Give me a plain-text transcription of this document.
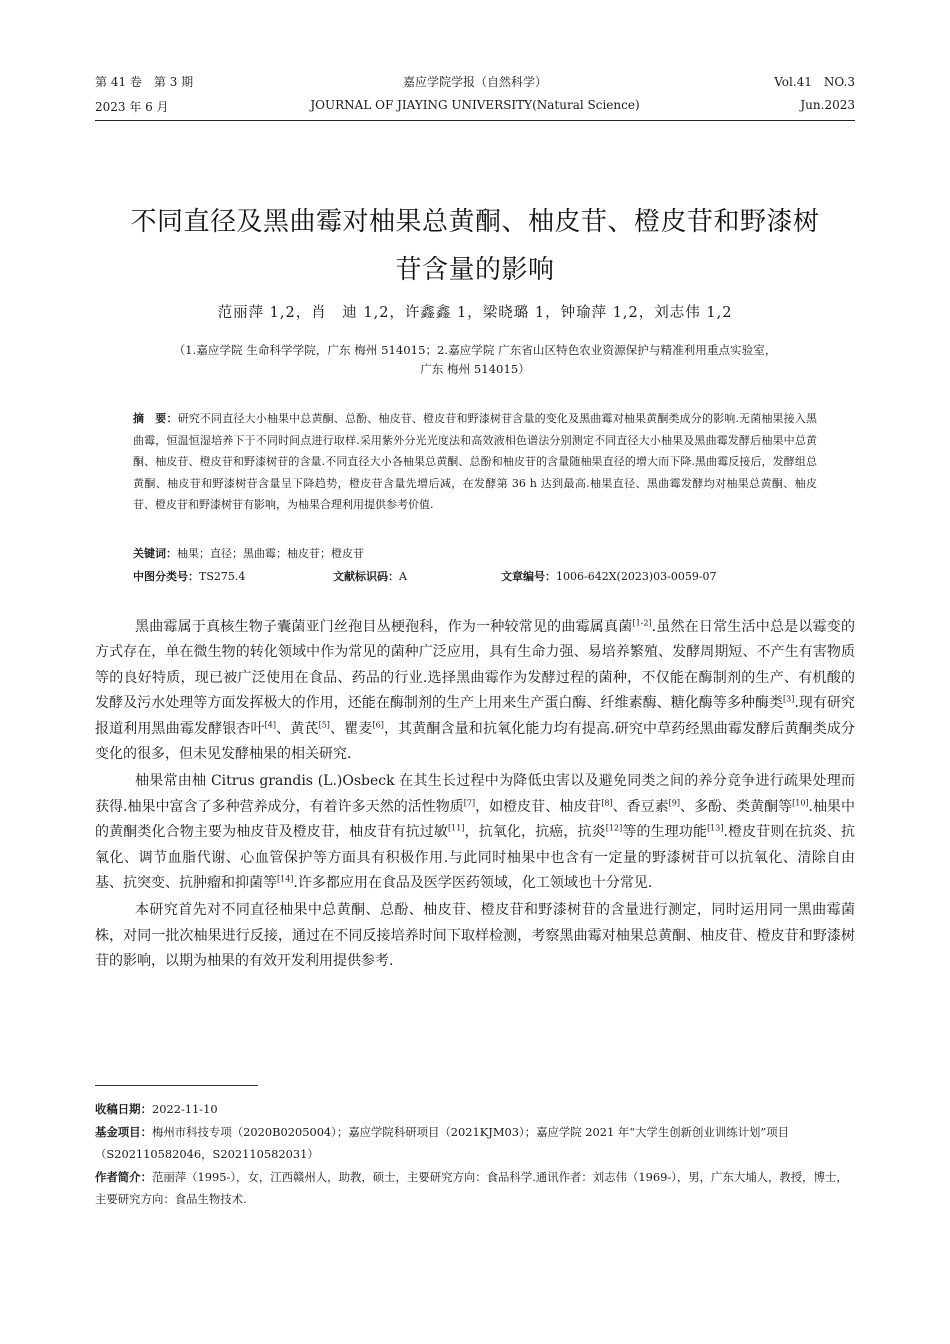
第 41 卷　第 3 期	嘉应学院学报（自然科学）	Vol.41　NO.3
2023 年 6 月	JOURNAL OF JIAYING UNIVERSITY(Natural Science)	Jun.2023
不同直径及黑曲霉对柚果总黄酮、柚皮苷、橙皮苷和野漆树
苷含量的影响
范丽萍 1,2，肖　迪 1,2，许鑫鑫 1，梁晓璐 1，钟瑜萍 1,2，刘志伟 1,2
（1.嘉应学院 生命科学学院，广东 梅州 514015；2.嘉应学院 广东省山区特色农业资源保护与精准利用重点实验室，
广东 梅州 514015）
摘　要：研究不同直径大小柚果中总黄酮、总酚、柚皮苷、橙皮苷和野漆树苷含量的变化及黑曲霉对柚果黄酮类成分的影响.无菌柚果接入黑曲霉，恒温恒湿培养下于不同时间点进行取样.采用紫外分光光度法和高效液相色谱法分别测定不同直径大小柚果及黑曲霉发酵后柚果中总黄酮、柚皮苷、橙皮苷和野漆树苷的含量.不同直径大小各柚果总黄酮、总酚和柚皮苷的含量随柚果直径的增大而下降.黑曲霉反接后，发酵组总黄酮、柚皮苷和野漆树苷含量呈下降趋势，橙皮苷含量先增后减，在发酵第 36 h 达到最高.柚果直径、黑曲霉发酵均对柚果总黄酮、柚皮苷、橙皮苷和野漆树苷有影响，为柚果合理利用提供参考价值.
关键词：柚果；直径；黑曲霉；柚皮苷；橙皮苷
中图分类号：TS275.4	文献标识码：A	文章编号：1006-642X(2023)03-0059-07

黑曲霉属于真核生物子囊菌亚门丝孢目丛梗孢科，作为一种较常见的曲霉属真菌[1-2].虽然在日常生活中总是以霉变的方式存在，单在微生物的转化领域中作为常见的菌种广泛应用，具有生命力强、易培养繁殖、发酵周期短、不产生有害物质等的良好特质，现已被广泛使用在食品、药品的行业.选择黑曲霉作为发酵过程的菌种，不仅能在酶制剂的生产、有机酸的发酵及污水处理等方面发挥极大的作用，还能在酶制剂的生产上用来生产蛋白酶、纤维素酶、糖化酶等多种酶类[3].现有研究报道利用黑曲霉发酵银杏叶[4]、黄芪[5]、瞿麦[6]，其黄酮含量和抗氧化能力均有提高.研究中草药经黑曲霉发酵后黄酮类成分变化的很多，但未见发酵柚果的相关研究.

柚果常由柚 Citrus grandis (L.)Osbeck 在其生长过程中为降低虫害以及避免同类之间的养分竞争进行疏果处理而获得.柚果中富含了多种营养成分，有着许多天然的活性物质[7]，如橙皮苷、柚皮苷[8]、香豆素[9]、多酚、类黄酮等[10].柚果中的黄酮类化合物主要为柚皮苷及橙皮苷，柚皮苷有抗过敏[11]，抗氧化，抗癌，抗炎[12]等的生理功能[13].橙皮苷则在抗炎、抗氧化、调节血脂代谢、心血管保护等方面具有积极作用.与此同时柚果中也含有一定量的野漆树苷可以抗氧化、清除自由基、抗突变、抗肿瘤和抑菌等[14].许多都应用在食品及医学医药领域，化工领域也十分常见.

本研究首先对不同直径柚果中总黄酮、总酚、柚皮苷、橙皮苷和野漆树苷的含量进行测定，同时运用同一黑曲霉菌株，对同一批次柚果进行反接，通过在不同反接培养时间下取样检测，考察黑曲霉对柚果总黄酮、柚皮苷、橙皮苷和野漆树苷的影响，以期为柚果的有效开发利用提供参考.

收稿日期：2022-11-10

基金项目：梅州市科技专项（2020B0205004）；嘉应学院科研项目（2021KJM03）；嘉应学院 2021 年“大学生创新创业训练计划”项目（S202110582046，S202110582031）

作者简介：范丽萍（1995-），女，江西赣州人，助教，硕士，主要研究方向：食品科学.通讯作者：刘志伟（1969-），男，广东大埔人，教授，博士，主要研究方向：食品生物技术.
